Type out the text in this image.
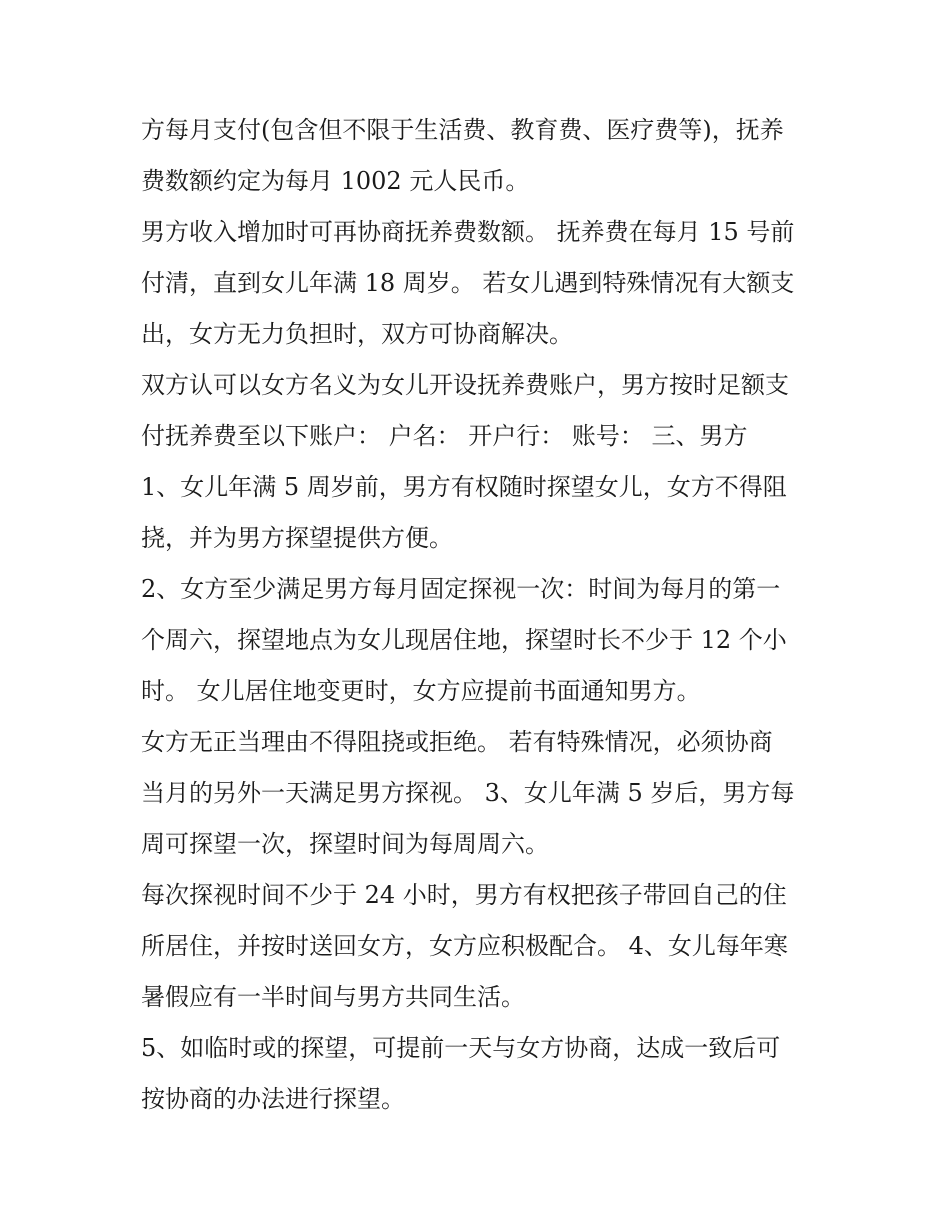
方每月支付(包含但不限于生活费、教育费、医疗费等)，抚养
费数额约定为每月 1002 元人民币。

男方收入增加时可再协商抚养费数额。 抚养费在每月 15 号前
付清，直到女儿年满 18 周岁。 若女儿遇到特殊情况有大额支
出，女方无力负担时，双方可协商解决。

双方认可以女方名义为女儿开设抚养费账户，男方按时足额支
付抚养费至以下账户： 户名： 开户行： 账号： 三、男方

1、女儿年满 5 周岁前，男方有权随时探望女儿，女方不得阻
挠，并为男方探望提供方便。

2、女方至少满足男方每月固定探视一次：时间为每月的第一
个周六，探望地点为女儿现居住地，探望时长不少于 12 个小
时。 女儿居住地变更时，女方应提前书面通知男方。

女方无正当理由不得阻挠或拒绝。 若有特殊情况，必须协商
当月的另外一天满足男方探视。 3、女儿年满 5 岁后，男方每
周可探望一次，探望时间为每周周六。

每次探视时间不少于 24 小时，男方有权把孩子带回自己的住
所居住，并按时送回女方，女方应积极配合。 4、女儿每年寒
暑假应有一半时间与男方共同生活。

5、如临时或的探望，可提前一天与女方协商，达成一致后可
按协商的办法进行探望。
